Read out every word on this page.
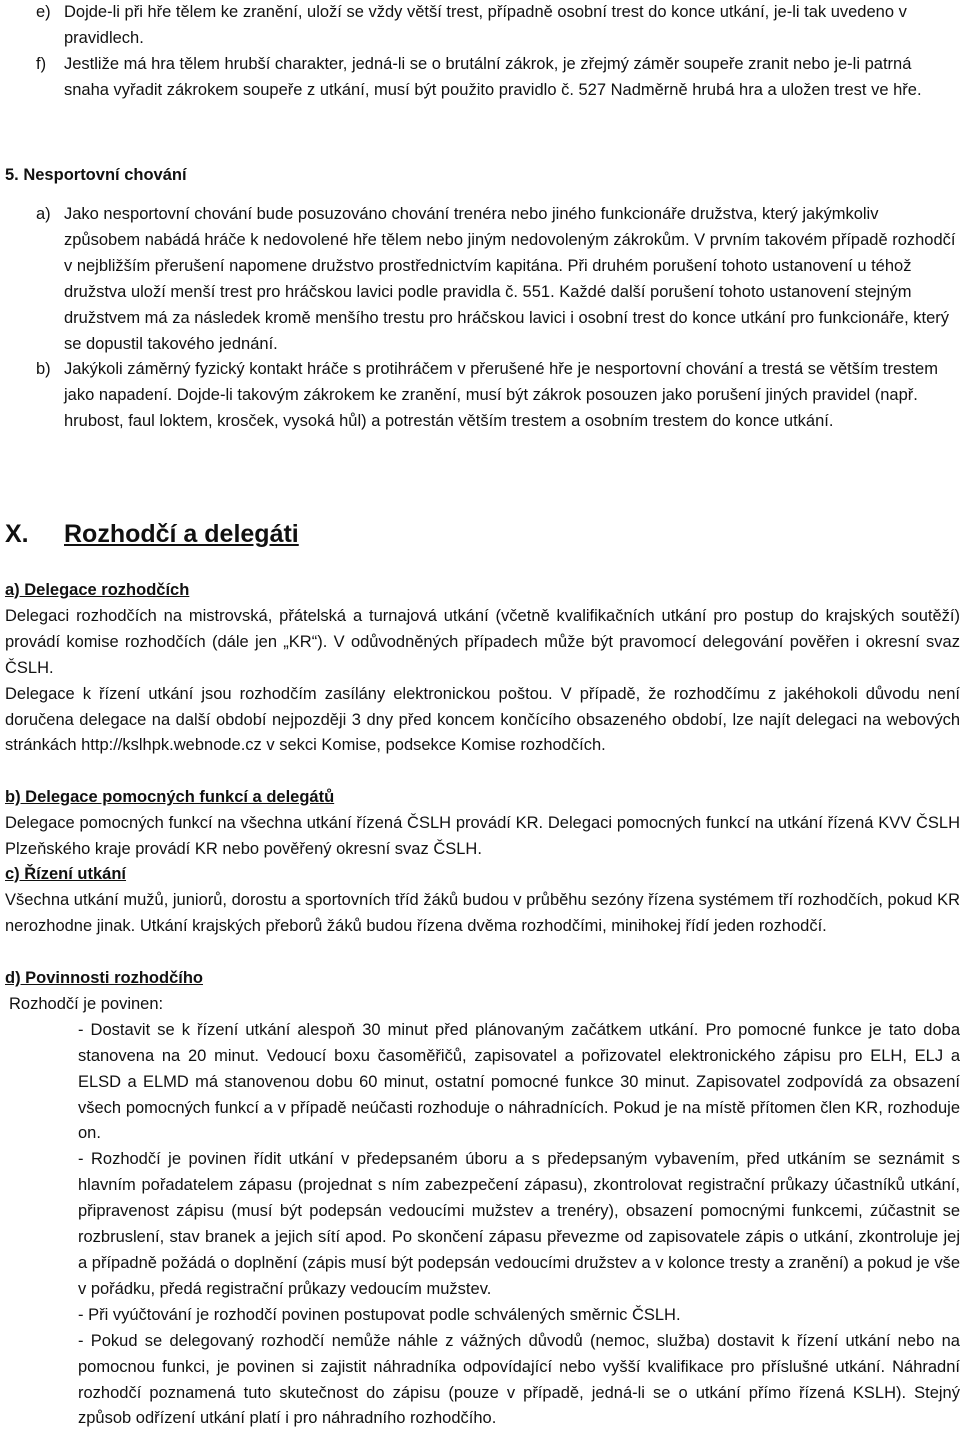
e) Dojde-li při hře tělem ke zranění, uloží se vždy větší trest, případně osobní trest do konce utkání, je-li tak uvedeno v pravidlech.
f)	Jestliže má hra tělem hrubší charakter, jedná-li se o brutální zákrok, je zřejmý záměr soupeře zranit nebo je-li patrná snaha vyřadit zákrokem soupeře z utkání, musí být použito pravidlo č. 527 Nadměrně hrubá hra a uložen trest ve hře.
5. Nesportovní chování
a) Jako nesportovní chování bude posuzováno chování trenéra nebo jiného funkcionáře družstva, který jakýmkoliv způsobem nabádá hráče k nedovolené hře tělem nebo jiným nedovoleným zákrokům. V prvním takovém případě rozhodčí v nejbližším přerušení napomene družstvo prostřednictvím kapitána. Při druhém porušení tohoto ustanovení u téhož družstva uloží menší trest pro hráčskou lavici podle pravidla č. 551. Každé další porušení tohoto ustanovení stejným družstvem má za následek kromě menšího trestu pro hráčskou lavici i osobní trest do konce utkání pro funkcionáře, který se dopustil takového jednání.
b) Jakýkoli záměrný fyzický kontakt hráče s protihráčem v přerušené hře je nesportovní chování a trestá se větším trestem jako napadení. Dojde-li takovým zákrokem ke zranění, musí být zákrok posouzen jako porušení jiných pravidel (např. hrubost, faul loktem, krosček, vysoká hůl) a potrestán větším trestem a osobním trestem do konce utkání.
X.	Rozhodčí a delegáti
a) Delegace rozhodčích
Delegaci rozhodčích na mistrovská, přátelská a turnajová utkání (včetně kvalifikačních utkání pro postup do krajských soutěží) provádí komise rozhodčích (dále jen „KR“). V odůvodněných případech může být pravomocí delegování pověřen i okresní svaz ČSLH.
Delegace k řízení utkání jsou rozhodčím zasílány elektronickou poštou. V případě, že rozhodčímu z jakéhokoli důvodu není doručena delegace na další období nejpozději 3 dny před koncem končícího obsazeného období, lze najít delegaci na webových stránkách http://kslhpk.webnode.cz v sekci Komise, podsekce Komise rozhodčích.
b) Delegace pomocných funkcí a delegátů
Delegace pomocných funkcí na všechna utkání řízená ČSLH provádí KR. Delegaci pomocných funkcí na utkání řízená KVV ČSLH Plzeňského kraje provádí KR nebo pověřený okresní svaz ČSLH.
c) Řízení utkání
Všechna utkání mužů, juniorů, dorostu a sportovních tříd žáků budou v průběhu sezóny řízena systémem tří rozhodčích, pokud KR nerozhodne jinak. Utkání krajských přeborů žáků budou řízena dvěma rozhodčími, minihokej řídí jeden rozhodčí.
d) Povinnosti rozhodčího
Rozhodčí je povinen:
- Dostavit se k řízení utkání alespoň 30 minut před plánovaným začátkem utkání. Pro pomocné funkce je tato doba stanovena na 20 minut. Vedoucí boxu časoměřičů, zapisovatel a pořizovatel elektronického zápisu pro ELH, ELJ a ELSD a ELMD má stanovenou dobu 60 minut, ostatní pomocné funkce 30 minut. Zapisovatel zodpovídá za obsazení všech pomocných funkcí a v případě neúčasti rozhoduje o náhradnících. Pokud je na místě přítomen člen KR, rozhoduje on.
- Rozhodčí je povinen řídit utkání v předepsaném úboru a s předepsaným vybavením, před utkáním se seznámit s hlavním pořadatelem zápasu (projednat s ním zabezpečení zápasu), zkontrolovat registrační průkazy účastníků utkání, připravenost zápisu (musí být podepsán vedoucími mužstev a trenéry), obsazení pomocnými funkcemi, zúčastnit se rozbruslení, stav branek a jejich sítí apod. Po skončení zápasu převezme od zapisovatele zápis o utkání, zkontroluje jej a případně požádá o doplnění (zápis musí být podepsán vedoucími družstev a v koloncе tresty a zranění) a pokud je vše v pořádku, předá registrační průkazy vedoucím mužstev.
- Při vyúčtování je rozhodčí povinen postupovat podle schválených směrnic ČSLH.
- Pokud se delegovaný rozhodčí nemůže náhle z vážných důvodů (nemoc, služba) dostavit k řízení utkání nebo na pomocnou funkci, je povinen si zajistit náhradníka odpovídající nebo vyšší kvalifikace pro příslušné utkání. Náhradní rozhodčí poznamená tuto skutečnost do zápisu (pouze v případě, jedná-li se o utkání přímo řízená KSLH). Stejný způsob odřízení utkání platí i pro náhradního rozhodčího.
